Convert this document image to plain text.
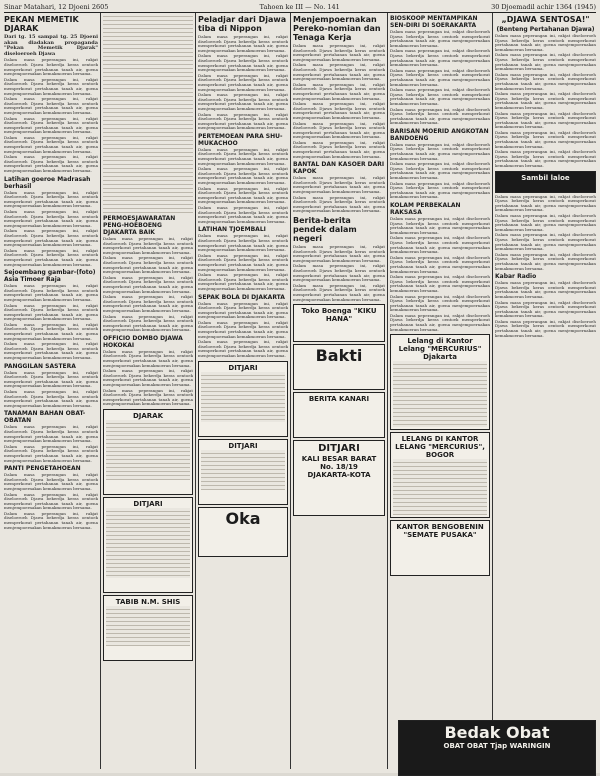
Sinar Matahari, 12 Djoeni 2605	Tahoen ke III — No. 141	30 Djoemadil achir 1364 (1945)
PEKAN MEMETIK DJARAK

Dari tg. 15 sampai tg. 25 Djoeni akan diadakan propaganda "Pekan Memetik Djarak" diseloeroeh Djawa

Dalam masa peperangan ini, rakjat diseloeroeh Djawa bekerdja keras oentoek memperkoeat pertahanan tanah air, goena menjempoernakan kemakmoeran bersama.

Dalam masa peperangan ini, rakjat diseloeroeh Djawa bekerdja keras oentoek memperkoeat pertahanan tanah air, goena menjempoernakan kemakmoeran bersama.

Dalam masa peperangan ini, rakjat diseloeroeh Djawa bekerdja keras oentoek memperkoeat pertahanan tanah air, goena menjempoernakan kemakmoeran bersama.

Dalam masa peperangan ini, rakjat diseloeroeh Djawa bekerdja keras oentoek memperkoeat pertahanan tanah air, goena menjempoernakan kemakmoeran bersama.

Dalam masa peperangan ini, rakjat diseloeroeh Djawa bekerdja keras oentoek memperkoeat pertahanan tanah air, goena menjempoernakan kemakmoeran bersama.

Dalam masa peperangan ini, rakjat diseloeroeh Djawa bekerdja keras oentoek memperkoeat pertahanan tanah air, goena menjempoernakan kemakmoeran bersama.

Latihan goeroe Madrasah berhasil

Dalam masa peperangan ini, rakjat diseloeroeh Djawa bekerdja keras oentoek memperkoeat pertahanan tanah air, goena menjempoernakan kemakmoeran bersama.

Dalam masa peperangan ini, rakjat diseloeroeh Djawa bekerdja keras oentoek memperkoeat pertahanan tanah air, goena menjempoernakan kemakmoeran bersama.

Dalam masa peperangan ini, rakjat diseloeroeh Djawa bekerdja keras oentoek memperkoeat pertahanan tanah air, goena menjempoernakan kemakmoeran bersama.

Dalam masa peperangan ini, rakjat diseloeroeh Djawa bekerdja keras oentoek memperkoeat pertahanan tanah air, goena menjempoernakan kemakmoeran bersama.

Sejoembang gambar-(foto) Asia Timoer Raja

Dalam masa peperangan ini, rakjat diseloeroeh Djawa bekerdja keras oentoek memperkoeat pertahanan tanah air, goena menjempoernakan kemakmoeran bersama.

Dalam masa peperangan ini, rakjat diseloeroeh Djawa bekerdja keras oentoek memperkoeat pertahanan tanah air, goena menjempoernakan kemakmoeran bersama.

Dalam masa peperangan ini, rakjat diseloeroeh Djawa bekerdja keras oentoek memperkoeat pertahanan tanah air, goena menjempoernakan kemakmoeran bersama.

Dalam masa peperangan ini, rakjat diseloeroeh Djawa bekerdja keras oentoek memperkoeat pertahanan tanah air, goena menjempoernakan kemakmoeran bersama.

PANGGILAN SASTERA

Dalam masa peperangan ini, rakjat diseloeroeh Djawa bekerdja keras oentoek memperkoeat pertahanan tanah air, goena menjempoernakan kemakmoeran bersama.

Dalam masa peperangan ini, rakjat diseloeroeh Djawa bekerdja keras oentoek memperkoeat pertahanan tanah air, goena menjempoernakan kemakmoeran bersama.

TANAMAN BAHAN OBAT-OBATAN

Dalam masa peperangan ini, rakjat diseloeroeh Djawa bekerdja keras oentoek memperkoeat pertahanan tanah air, goena menjempoernakan kemakmoeran bersama.

Dalam masa peperangan ini, rakjat diseloeroeh Djawa bekerdja keras oentoek memperkoeat pertahanan tanah air, goena menjempoernakan kemakmoeran bersama.

PANTI PENGETAHOEAN

Dalam masa peperangan ini, rakjat diseloeroeh Djawa bekerdja keras oentoek memperkoeat pertahanan tanah air, goena menjempoernakan kemakmoeran bersama.

Dalam masa peperangan ini, rakjat diseloeroeh Djawa bekerdja keras oentoek memperkoeat pertahanan tanah air, goena menjempoernakan kemakmoeran bersama.

Dalam masa peperangan ini, rakjat diseloeroeh Djawa bekerdja keras oentoek memperkoeat pertahanan tanah air, goena menjempoernakan kemakmoeran bersama.

PERMOESJAWARATAN PENG-HOEBOENG DJAKARTA BAIK

Dalam masa peperangan ini, rakjat diseloeroeh Djawa bekerdja keras oentoek memperkoeat pertahanan tanah air, goena menjempoernakan kemakmoeran bersama.

Dalam masa peperangan ini, rakjat diseloeroeh Djawa bekerdja keras oentoek memperkoeat pertahanan tanah air, goena menjempoernakan kemakmoeran bersama.

Dalam masa peperangan ini, rakjat diseloeroeh Djawa bekerdja keras oentoek memperkoeat pertahanan tanah air, goena menjempoernakan kemakmoeran bersama.

Dalam masa peperangan ini, rakjat diseloeroeh Djawa bekerdja keras oentoek memperkoeat pertahanan tanah air, goena menjempoernakan kemakmoeran bersama.

Dalam masa peperangan ini, rakjat diseloeroeh Djawa bekerdja keras oentoek memperkoeat pertahanan tanah air, goena menjempoernakan kemakmoeran bersama.

OFFICIO DOMBO DJAWA HOKOKAI

Dalam masa peperangan ini, rakjat diseloeroeh Djawa bekerdja keras oentoek memperkoeat pertahanan tanah air, goena menjempoernakan kemakmoeran bersama.

Dalam masa peperangan ini, rakjat diseloeroeh Djawa bekerdja keras oentoek memperkoeat pertahanan tanah air, goena menjempoernakan kemakmoeran bersama.

Dalam masa peperangan ini, rakjat diseloeroeh Djawa bekerdja keras oentoek memperkoeat pertahanan tanah air, goena menjempoernakan kemakmoeran bersama.

DJARAK
DITJARI
TABIB N.M. SHIS
Peladjar dari Djawa tiba di Nippon

Dalam masa peperangan ini, rakjat diseloeroeh Djawa bekerdja keras oentoek memperkoeat pertahanan tanah air, goena menjempoernakan kemakmoeran bersama.

Dalam masa peperangan ini, rakjat diseloeroeh Djawa bekerdja keras oentoek memperkoeat pertahanan tanah air, goena menjempoernakan kemakmoeran bersama.

Dalam masa peperangan ini, rakjat diseloeroeh Djawa bekerdja keras oentoek memperkoeat pertahanan tanah air, goena menjempoernakan kemakmoeran bersama.

Dalam masa peperangan ini, rakjat diseloeroeh Djawa bekerdja keras oentoek memperkoeat pertahanan tanah air, goena menjempoernakan kemakmoeran bersama.

Dalam masa peperangan ini, rakjat diseloeroeh Djawa bekerdja keras oentoek memperkoeat pertahanan tanah air, goena menjempoernakan kemakmoeran bersama.

PERTEMOEAN PARA SHU-MUKACHOO

Dalam masa peperangan ini, rakjat diseloeroeh Djawa bekerdja keras oentoek memperkoeat pertahanan tanah air, goena menjempoernakan kemakmoeran bersama.

Dalam masa peperangan ini, rakjat diseloeroeh Djawa bekerdja keras oentoek memperkoeat pertahanan tanah air, goena menjempoernakan kemakmoeran bersama.

Dalam masa peperangan ini, rakjat diseloeroeh Djawa bekerdja keras oentoek memperkoeat pertahanan tanah air, goena menjempoernakan kemakmoeran bersama.

Dalam masa peperangan ini, rakjat diseloeroeh Djawa bekerdja keras oentoek memperkoeat pertahanan tanah air, goena menjempoernakan kemakmoeran bersama.

LATIHAN TJOEMBALI

Dalam masa peperangan ini, rakjat diseloeroeh Djawa bekerdja keras oentoek memperkoeat pertahanan tanah air, goena menjempoernakan kemakmoeran bersama.

Dalam masa peperangan ini, rakjat diseloeroeh Djawa bekerdja keras oentoek memperkoeat pertahanan tanah air, goena menjempoernakan kemakmoeran bersama.

Dalam masa peperangan ini, rakjat diseloeroeh Djawa bekerdja keras oentoek memperkoeat pertahanan tanah air, goena menjempoernakan kemakmoeran bersama.

SEPAK BOLA DI DJAKARTA

Dalam masa peperangan ini, rakjat diseloeroeh Djawa bekerdja keras oentoek memperkoeat pertahanan tanah air, goena menjempoernakan kemakmoeran bersama.

Dalam masa peperangan ini, rakjat diseloeroeh Djawa bekerdja keras oentoek memperkoeat pertahanan tanah air, goena menjempoernakan kemakmoeran bersama.

Dalam masa peperangan ini, rakjat diseloeroeh Djawa bekerdja keras oentoek memperkoeat pertahanan tanah air, goena menjempoernakan kemakmoeran bersama.

DITJARI
DITJARI
Oka
Menjempoernakan Pereko-nomian dan Tenaga Kerja

Dalam masa peperangan ini, rakjat diseloeroeh Djawa bekerdja keras oentoek memperkoeat pertahanan tanah air, goena menjempoernakan kemakmoeran bersama.

Dalam masa peperangan ini, rakjat diseloeroeh Djawa bekerdja keras oentoek memperkoeat pertahanan tanah air, goena menjempoernakan kemakmoeran bersama.

Dalam masa peperangan ini, rakjat diseloeroeh Djawa bekerdja keras oentoek memperkoeat pertahanan tanah air, goena menjempoernakan kemakmoeran bersama.

Dalam masa peperangan ini, rakjat diseloeroeh Djawa bekerdja keras oentoek memperkoeat pertahanan tanah air, goena menjempoernakan kemakmoeran bersama.

Dalam masa peperangan ini, rakjat diseloeroeh Djawa bekerdja keras oentoek memperkoeat pertahanan tanah air, goena menjempoernakan kemakmoeran bersama.

Dalam masa peperangan ini, rakjat diseloeroeh Djawa bekerdja keras oentoek memperkoeat pertahanan tanah air, goena menjempoernakan kemakmoeran bersama.

BANTAL DAN KASOER DARI KAPOK

Dalam masa peperangan ini, rakjat diseloeroeh Djawa bekerdja keras oentoek memperkoeat pertahanan tanah air, goena menjempoernakan kemakmoeran bersama.

Dalam masa peperangan ini, rakjat diseloeroeh Djawa bekerdja keras oentoek memperkoeat pertahanan tanah air, goena menjempoernakan kemakmoeran bersama.

Berita-berita pendek dalam negeri

Dalam masa peperangan ini, rakjat diseloeroeh Djawa bekerdja keras oentoek memperkoeat pertahanan tanah air, goena menjempoernakan kemakmoeran bersama.

Dalam masa peperangan ini, rakjat diseloeroeh Djawa bekerdja keras oentoek memperkoeat pertahanan tanah air, goena menjempoernakan kemakmoeran bersama.

Dalam masa peperangan ini, rakjat diseloeroeh Djawa bekerdja keras oentoek memperkoeat pertahanan tanah air, goena menjempoernakan kemakmoeran bersama.

Toko Boenga "KIKU HANA"
Bakti
BERITA KANARI
DITJARI
KALI BESAR BARAT No. 18/19
DJAKARTA-KOTA
BIOSKOOP MENTAMPIKAN SEN-DIRI DI SOERAKARTA

Dalam masa peperangan ini, rakjat diseloeroeh Djawa bekerdja keras oentoek memperkoeat pertahanan tanah air, goena menjempoernakan kemakmoeran bersama.

Dalam masa peperangan ini, rakjat diseloeroeh Djawa bekerdja keras oentoek memperkoeat pertahanan tanah air, goena menjempoernakan kemakmoeran bersama.

Dalam masa peperangan ini, rakjat diseloeroeh Djawa bekerdja keras oentoek memperkoeat pertahanan tanah air, goena menjempoernakan kemakmoeran bersama.

Dalam masa peperangan ini, rakjat diseloeroeh Djawa bekerdja keras oentoek memperkoeat pertahanan tanah air, goena menjempoernakan kemakmoeran bersama.

Dalam masa peperangan ini, rakjat diseloeroeh Djawa bekerdja keras oentoek memperkoeat pertahanan tanah air, goena menjempoernakan kemakmoeran bersama.

BARISAN MOERID ANGKOTAN BANDOENG

Dalam masa peperangan ini, rakjat diseloeroeh Djawa bekerdja keras oentoek memperkoeat pertahanan tanah air, goena menjempoernakan kemakmoeran bersama.

Dalam masa peperangan ini, rakjat diseloeroeh Djawa bekerdja keras oentoek memperkoeat pertahanan tanah air, goena menjempoernakan kemakmoeran bersama.

Dalam masa peperangan ini, rakjat diseloeroeh Djawa bekerdja keras oentoek memperkoeat pertahanan tanah air, goena menjempoernakan kemakmoeran bersama.

KOLAM PERBEKALAN RAKSASA

Dalam masa peperangan ini, rakjat diseloeroeh Djawa bekerdja keras oentoek memperkoeat pertahanan tanah air, goena menjempoernakan kemakmoeran bersama.

Dalam masa peperangan ini, rakjat diseloeroeh Djawa bekerdja keras oentoek memperkoeat pertahanan tanah air, goena menjempoernakan kemakmoeran bersama.

Dalam masa peperangan ini, rakjat diseloeroeh Djawa bekerdja keras oentoek memperkoeat pertahanan tanah air, goena menjempoernakan kemakmoeran bersama.

Dalam masa peperangan ini, rakjat diseloeroeh Djawa bekerdja keras oentoek memperkoeat pertahanan tanah air, goena menjempoernakan kemakmoeran bersama.

Dalam masa peperangan ini, rakjat diseloeroeh Djawa bekerdja keras oentoek memperkoeat pertahanan tanah air, goena menjempoernakan kemakmoeran bersama.

Dalam masa peperangan ini, rakjat diseloeroeh Djawa bekerdja keras oentoek memperkoeat pertahanan tanah air, goena menjempoernakan kemakmoeran bersama.

Lelang di Kantor Lelang "MERCURIUS" Djakarta
LELANG DI KANTOR LELANG "MERCURIUS", BOGOR
KANTOR BENGOBENIN "SEMATE PUSAKA"
„DJAWA SENTOSA!"
(Benteng Pertahanan Djawa)

Dalam masa peperangan ini, rakjat diseloeroeh Djawa bekerdja keras oentoek memperkoeat pertahanan tanah air, goena menjempoernakan kemakmoeran bersama.

Dalam masa peperangan ini, rakjat diseloeroeh Djawa bekerdja keras oentoek memperkoeat pertahanan tanah air, goena menjempoernakan kemakmoeran bersama.

Dalam masa peperangan ini, rakjat diseloeroeh Djawa bekerdja keras oentoek memperkoeat pertahanan tanah air, goena menjempoernakan kemakmoeran bersama.

Dalam masa peperangan ini, rakjat diseloeroeh Djawa bekerdja keras oentoek memperkoeat pertahanan tanah air, goena menjempoernakan kemakmoeran bersama.

Dalam masa peperangan ini, rakjat diseloeroeh Djawa bekerdja keras oentoek memperkoeat pertahanan tanah air, goena menjempoernakan kemakmoeran bersama.

Dalam masa peperangan ini, rakjat diseloeroeh Djawa bekerdja keras oentoek memperkoeat pertahanan tanah air, goena menjempoernakan kemakmoeran bersama.

Dalam masa peperangan ini, rakjat diseloeroeh Djawa bekerdja keras oentoek memperkoeat pertahanan tanah air, goena menjempoernakan kemakmoeran bersama.

Sambil laloe

Dalam masa peperangan ini, rakjat diseloeroeh Djawa bekerdja keras oentoek memperkoeat pertahanan tanah air, goena menjempoernakan kemakmoeran bersama.

Dalam masa peperangan ini, rakjat diseloeroeh Djawa bekerdja keras oentoek memperkoeat pertahanan tanah air, goena menjempoernakan kemakmoeran bersama.

Dalam masa peperangan ini, rakjat diseloeroeh Djawa bekerdja keras oentoek memperkoeat pertahanan tanah air, goena menjempoernakan kemakmoeran bersama.

Dalam masa peperangan ini, rakjat diseloeroeh Djawa bekerdja keras oentoek memperkoeat pertahanan tanah air, goena menjempoernakan kemakmoeran bersama.

Kabar Radio

Dalam masa peperangan ini, rakjat diseloeroeh Djawa bekerdja keras oentoek memperkoeat pertahanan tanah air, goena menjempoernakan kemakmoeran bersama.

Dalam masa peperangan ini, rakjat diseloeroeh Djawa bekerdja keras oentoek memperkoeat pertahanan tanah air, goena menjempoernakan kemakmoeran bersama.

Dalam masa peperangan ini, rakjat diseloeroeh Djawa bekerdja keras oentoek memperkoeat pertahanan tanah air, goena menjempoernakan kemakmoeran bersama.

Bedak Obat
OBAT OBAT Tjap WARINGIN
